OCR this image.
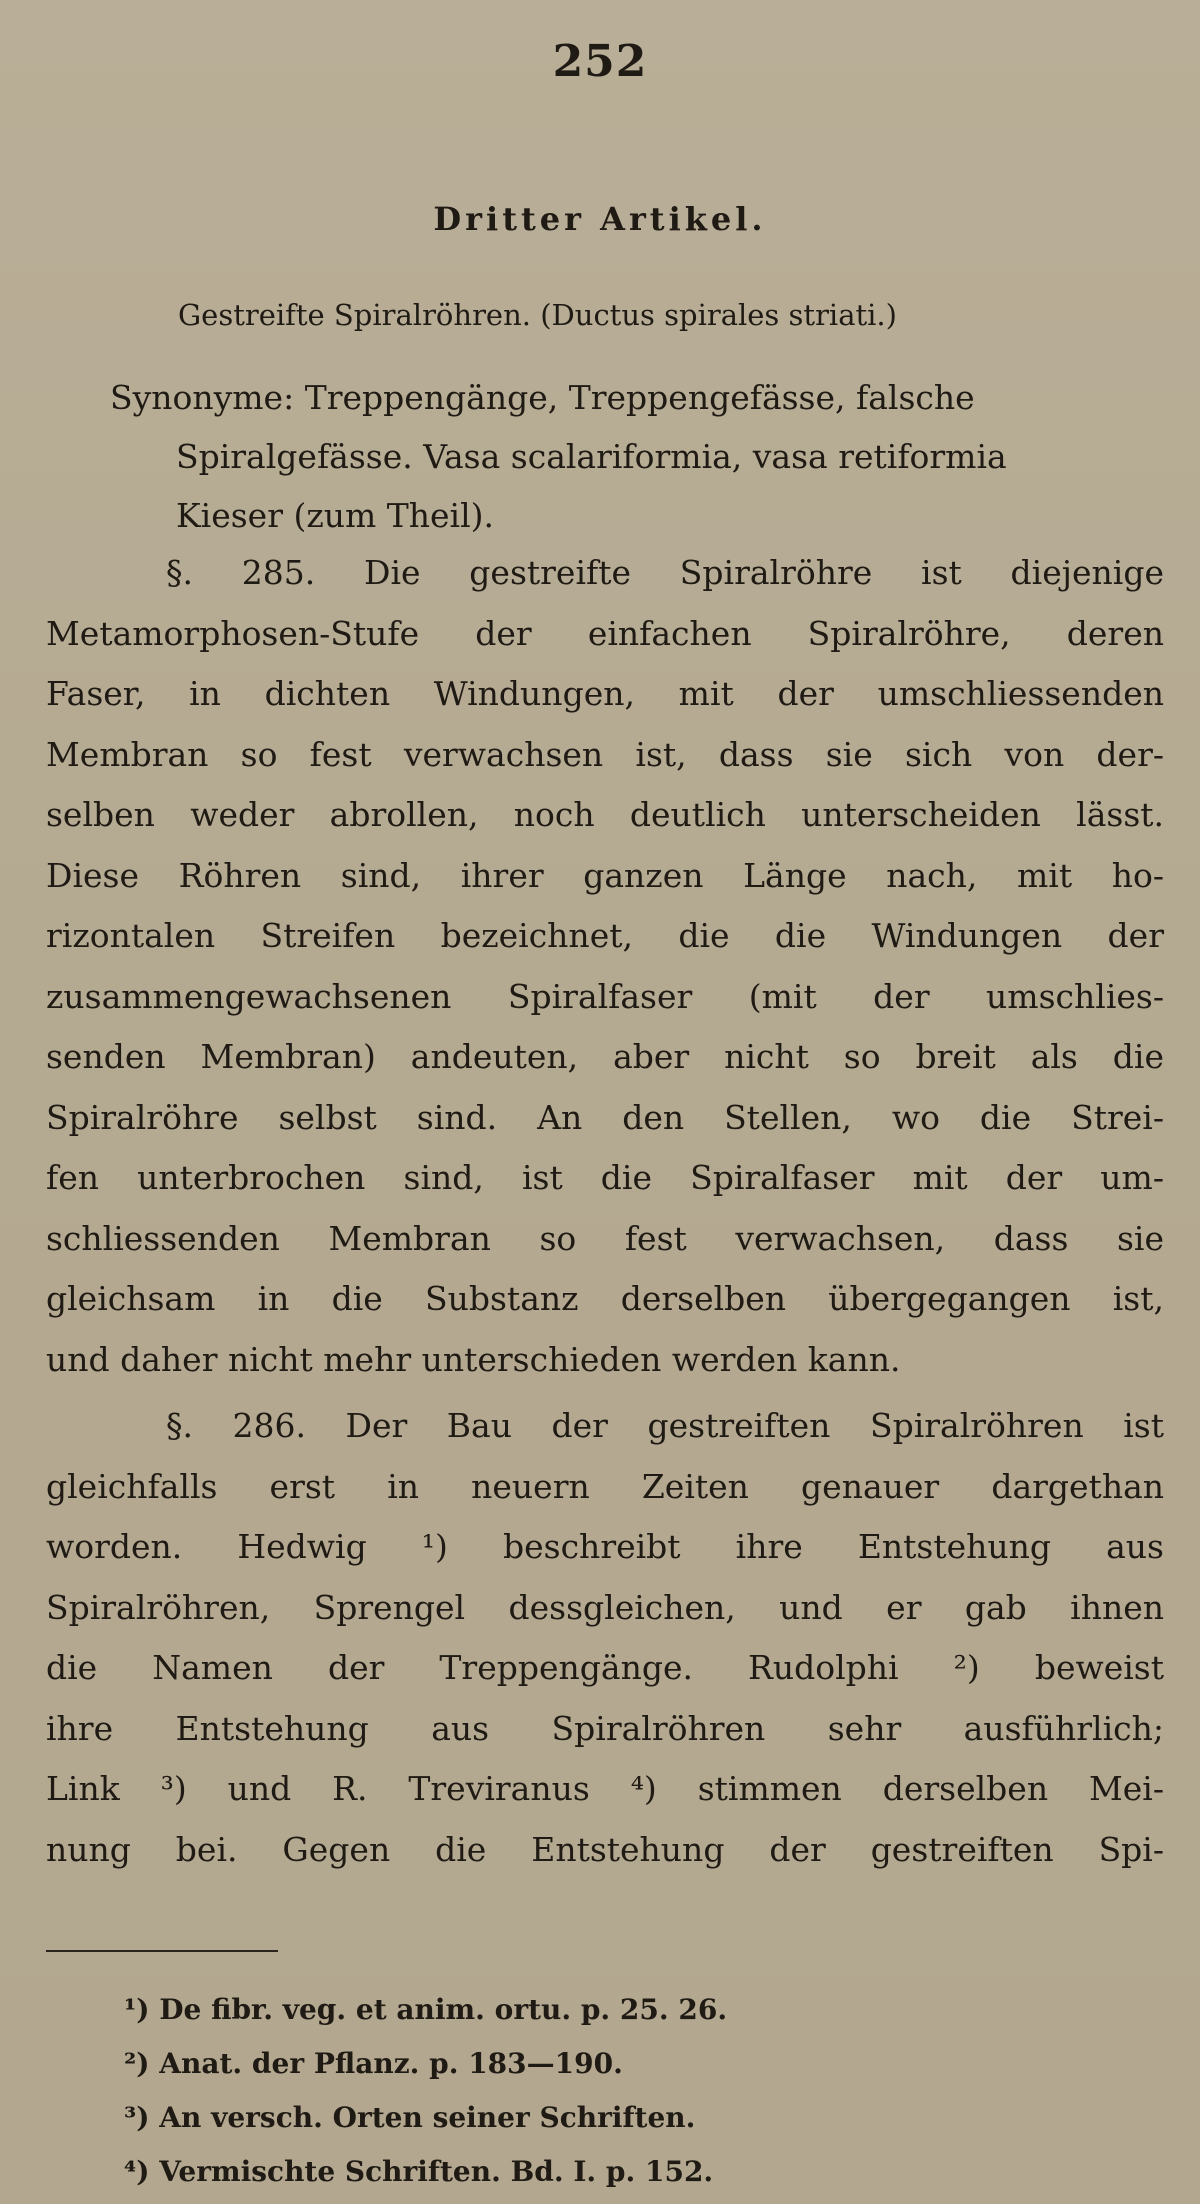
252
Dritter Artikel.
Gestreifte Spiralröhren. (Ductus spirales striati.)
Synonyme: Treppengänge, Treppengefässe, falsche
Spiralgefässe. Vasa scalariformia, vasa retiformia
Kieser (zum Theil).
§. 285. Die gestreifte Spiralröhre ist diejenige
Metamorphosen-Stufe der einfachen Spiralröhre, deren
Faser, in dichten Windungen, mit der umschliessenden
Membran so fest verwachsen ist, dass sie sich von der-
selben weder abrollen, noch deutlich unterscheiden lässt.
Diese Röhren sind, ihrer ganzen Länge nach, mit ho-
rizontalen Streifen bezeichnet, die die Windungen der
zusammengewachsenen Spiralfaser (mit der umschlies-
senden Membran) andeuten, aber nicht so breit als die
Spiralröhre selbst sind. An den Stellen, wo die Strei-
fen unterbrochen sind, ist die Spiralfaser mit der um-
schliessenden Membran so fest verwachsen, dass sie
gleichsam in die Substanz derselben übergegangen ist,
und daher nicht mehr unterschieden werden kann.
§. 286. Der Bau der gestreiften Spiralröhren ist
gleichfalls erst in neuern Zeiten genauer dargethan
worden. Hedwig ¹) beschreibt ihre Entstehung aus
Spiralröhren, Sprengel dessgleichen, und er gab ihnen
die Namen der Treppengänge. Rudolphi ²) beweist
ihre Entstehung aus Spiralröhren sehr ausführlich;
Link ³) und R. Treviranus ⁴) stimmen derselben Mei-
nung bei. Gegen die Entstehung der gestreiften Spi-
¹) De fibr. veg. et anim. ortu. p. 25. 26.
²) Anat. der Pflanz. p. 183—190.
³) An versch. Orten seiner Schriften.
⁴) Vermischte Schriften. Bd. I. p. 152.
